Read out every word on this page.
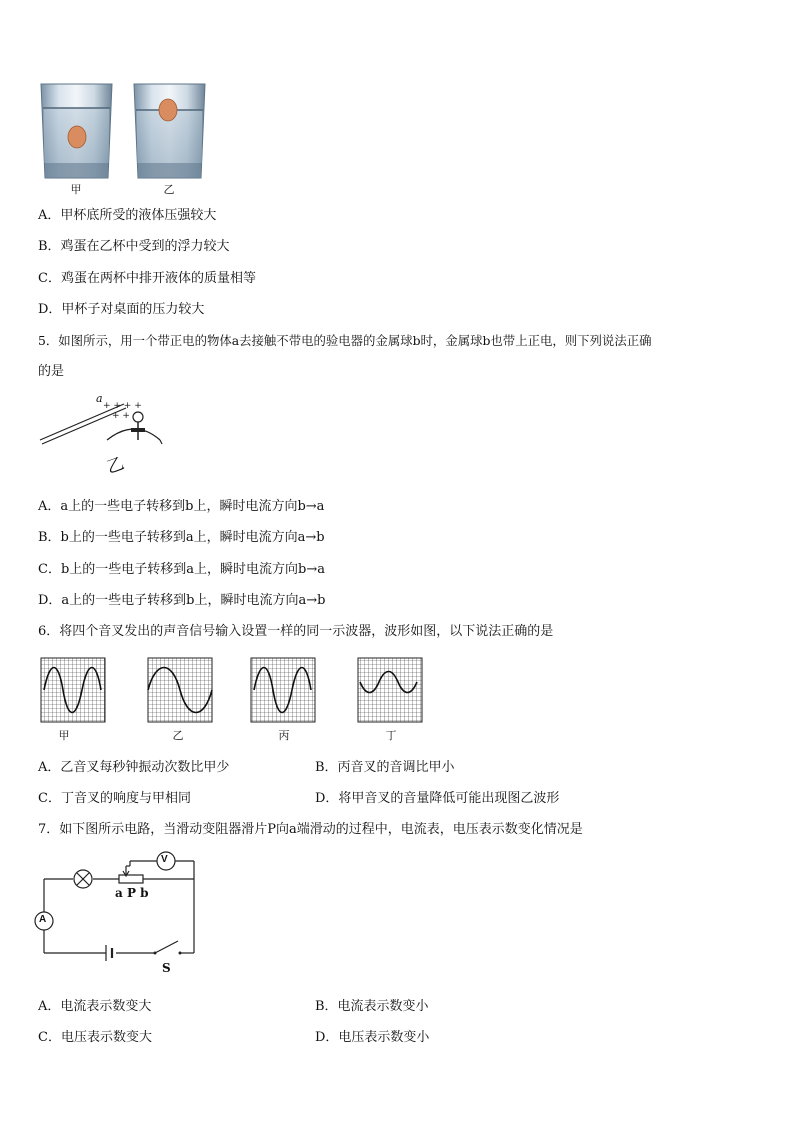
甲	乙
A．甲杯底所受的液体压强较大
B．鸡蛋在乙杯中受到的浮力较大
C．鸡蛋在两杯中排开液体的质量相等
D．甲杯子对桌面的压力较大
5．如图所示，用一个带正电的物体a去接触不带电的验电器的金属球b时，金属球b也带上正电，则下列说法正确
的是
+ + + +
+ +
a
乙
A．a上的一些电子转移到b上，瞬时电流方向b→a
B．b上的一些电子转移到a上，瞬时电流方向a→b
C．b上的一些电子转移到a上，瞬时电流方向b→a
D．a上的一些电子转移到b上，瞬时电流方向a→b
6．将四个音叉发出的声音信号输入设置一样的同一示波器，波形如图，以下说法正确的是
甲	乙	丙	丁
A．乙音叉每秒钟振动次数比甲少	B．丙音叉的音调比甲小
C．丁音叉的响度与甲相同	D．将甲音叉的音量降低可能出现图乙波形
7．如下图所示电路，当滑动变阻器滑片P向a端滑动的过程中，电流表，电压表示数变化情况是
V
A
a P b
S
A．电流表示数变大	B．电流表示数变小
C．电压表示数变大	D．电压表示数变小
